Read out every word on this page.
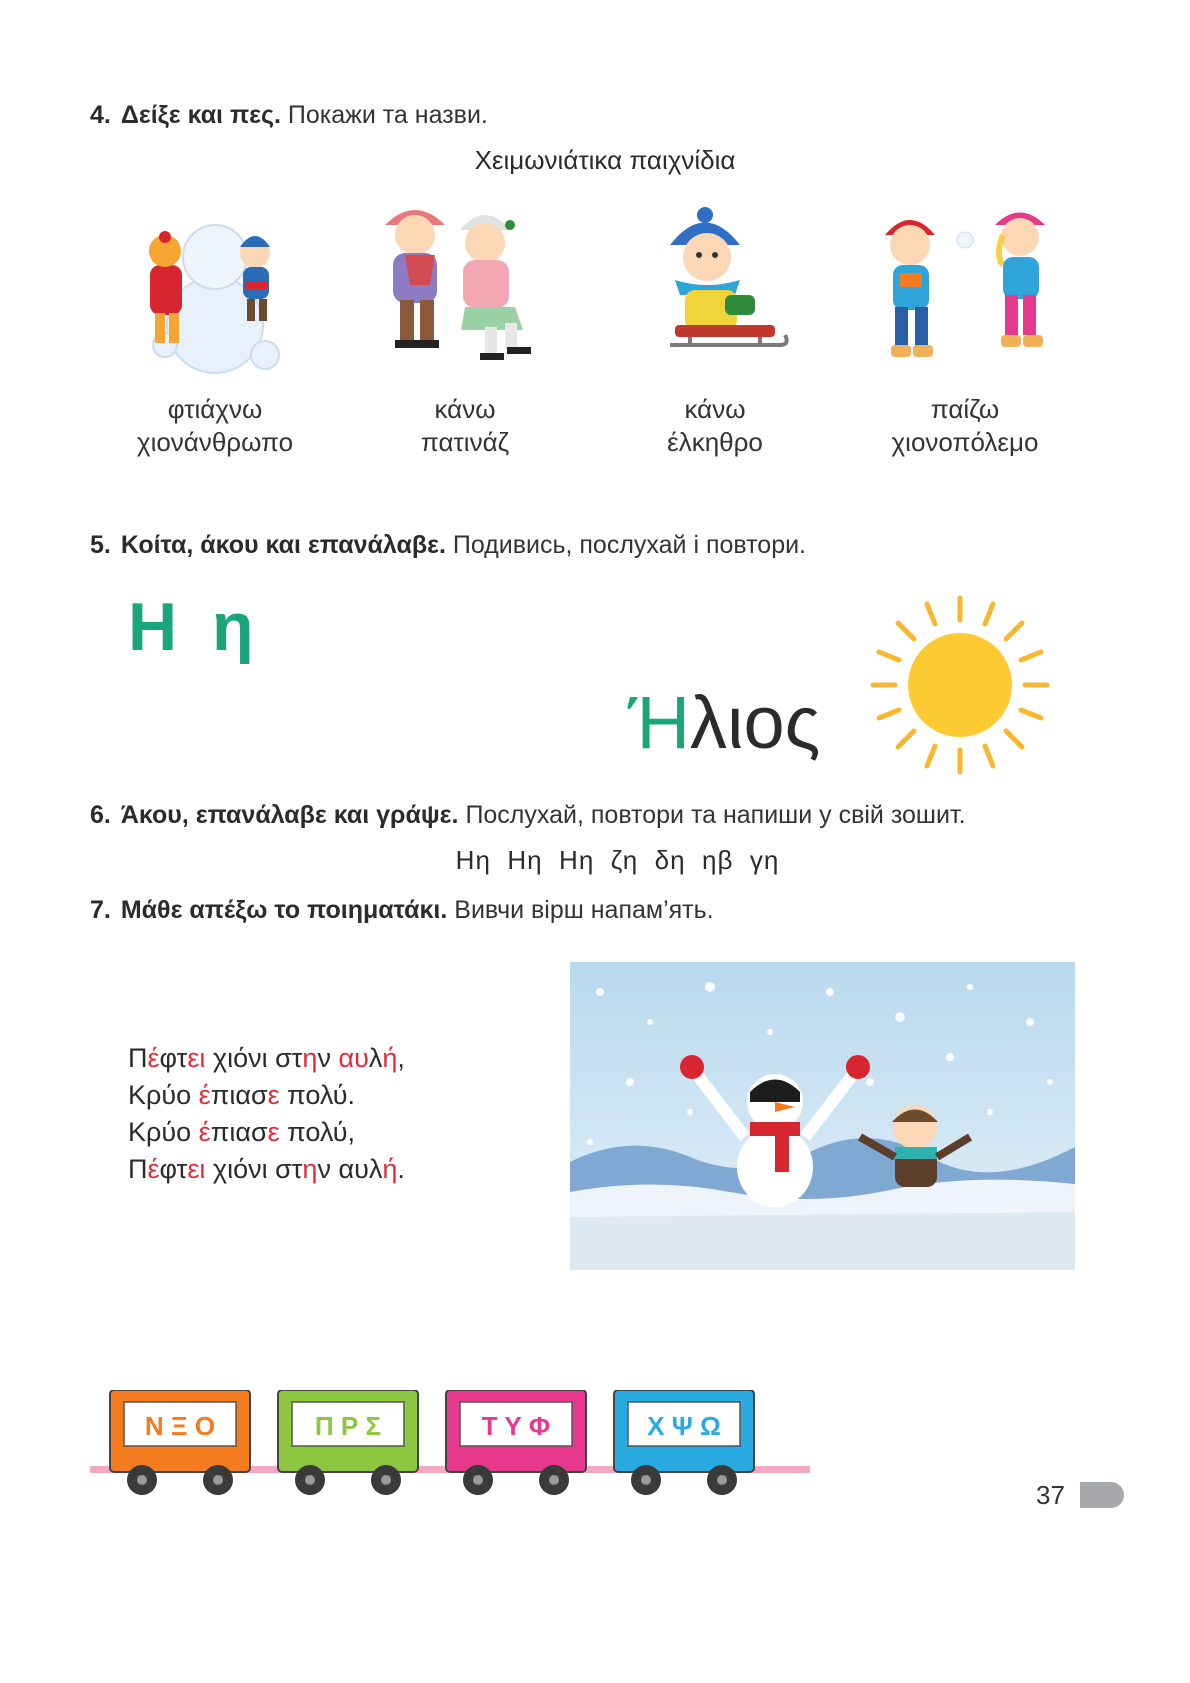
4. Δείξε και πες. Покажи та назви.
Χειμωνιάτικα παιχνίδια
φτιάχνω
χιονάνθρωπο
κάνω
πατινάζ
κάνω
έλκηθρο
παίζω
χιονοπόλεμο
5. Κοίτα, άκου και επανάλαβε. Подивись, послухай і повтори.
Η η
Ήλιος
6. Άκου, επανάλαβε και γράψε. Послухай, повтори та напиши у свій зошит.
Ηη  Ηη  Ηη  ζη  δη  ηβ  γη
7. Μάθε απέξω το ποιηματάκι. Вивчи вірш напам’ять.
Πέφτει χιόνι στην αυλή,
Κρύο έπιασε πολύ.
Κρύο έπιασε πολύ,
Πέφτει χιόνι στην αυλή.
Ν Ξ Ο	Π Ρ Σ	Τ Υ Φ	Χ Ψ Ω
37
